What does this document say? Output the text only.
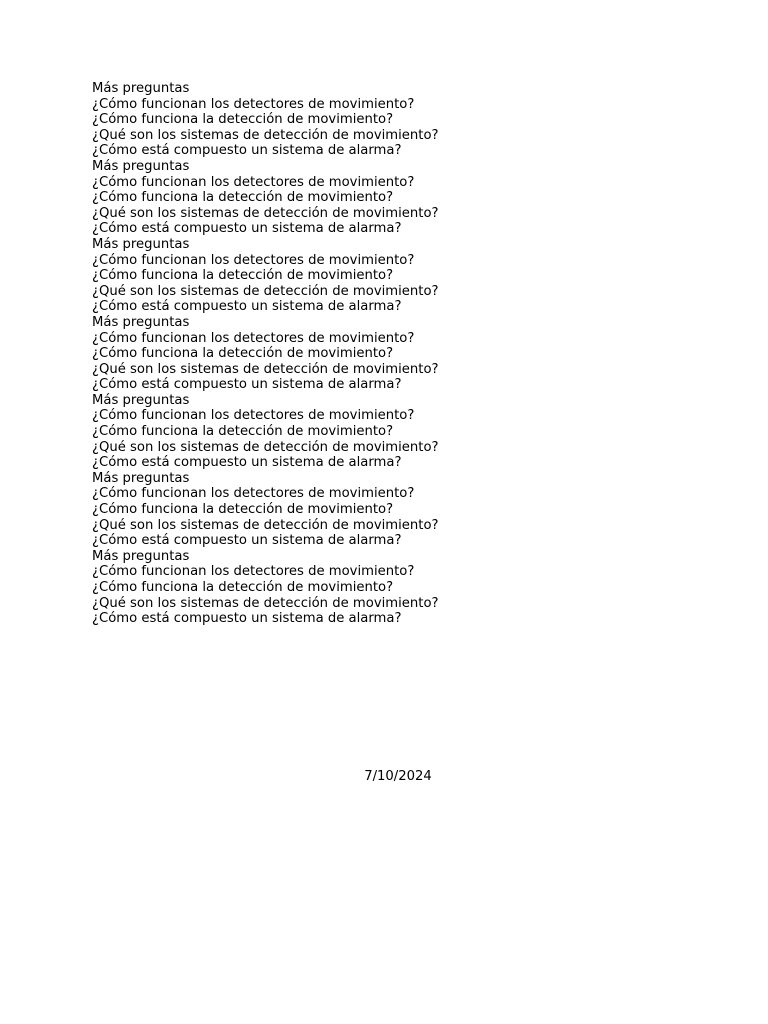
Más preguntas
¿Cómo funcionan los detectores de movimiento?
¿Cómo funciona la detección de movimiento?
¿Qué son los sistemas de detección de movimiento?
¿Cómo está compuesto un sistema de alarma?
Más preguntas
¿Cómo funcionan los detectores de movimiento?
¿Cómo funciona la detección de movimiento?
¿Qué son los sistemas de detección de movimiento?
¿Cómo está compuesto un sistema de alarma?
Más preguntas
¿Cómo funcionan los detectores de movimiento?
¿Cómo funciona la detección de movimiento?
¿Qué son los sistemas de detección de movimiento?
¿Cómo está compuesto un sistema de alarma?
Más preguntas
¿Cómo funcionan los detectores de movimiento?
¿Cómo funciona la detección de movimiento?
¿Qué son los sistemas de detección de movimiento?
¿Cómo está compuesto un sistema de alarma?
Más preguntas
¿Cómo funcionan los detectores de movimiento?
¿Cómo funciona la detección de movimiento?
¿Qué son los sistemas de detección de movimiento?
¿Cómo está compuesto un sistema de alarma?
Más preguntas
¿Cómo funcionan los detectores de movimiento?
¿Cómo funciona la detección de movimiento?
¿Qué son los sistemas de detección de movimiento?
¿Cómo está compuesto un sistema de alarma?
Más preguntas
¿Cómo funcionan los detectores de movimiento?
¿Cómo funciona la detección de movimiento?
¿Qué son los sistemas de detección de movimiento?
¿Cómo está compuesto un sistema de alarma?
7/10/2024
